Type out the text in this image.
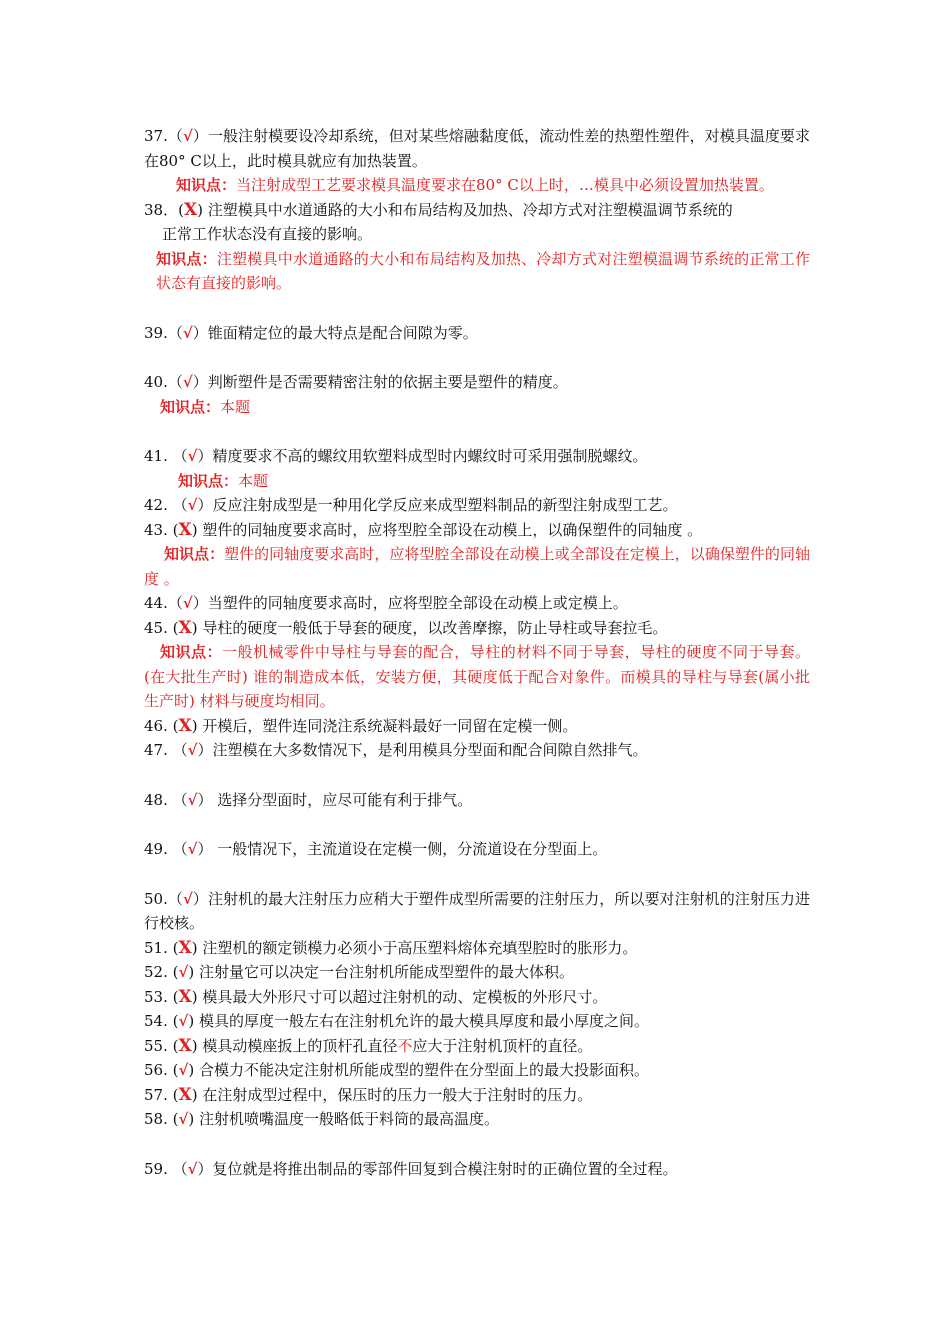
37.（√）一般注射模要设冷却系统，但对某些熔融黏度低，流动性差的热塑性塑件，对模具温度要求在80° C以上，此时模具就应有加热装置。
知识点：当注射成型工艺要求模具温度要求在80° C以上时，…模具中必须设置加热装置。
38．(X) 注塑模具中水道通路的大小和布局结构及加热、冷却方式对注塑模温调节系统的
正常工作状态没有直接的影响。
知识点：注塑模具中水道通路的大小和布局结构及加热、冷却方式对注塑模温调节系统的正常工作状态有直接的影响。
39.（√）锥面精定位的最大特点是配合间隙为零。
40.（√）判断塑件是否需要精密注射的依据主要是塑件的精度。
知识点：本题
41. （√）精度要求不高的螺纹用软塑料成型时内螺纹时可采用强制脱螺纹。
知识点：本题
42. （√）反应注射成型是一种用化学反应来成型塑料制品的新型注射成型工艺。
43. (X) 塑件的同轴度要求高时，应将型腔全部设在动模上，以确保塑件的同轴度 。
知识点：塑件的同轴度要求高时，应将型腔全部设在动模上或全部设在定模上，以确保塑件的同轴度 。
44.（√）当塑件的同轴度要求高时，应将型腔全部设在动模上或定模上。
45. (X) 导柱的硬度一般低于导套的硬度，以改善摩擦，防止导柱或导套拉毛。
知识点：一般机械零件中导柱与导套的配合，导柱的材料不同于导套，导柱的硬度不同于导套。(在大批生产时) 谁的制造成本低，安装方便，其硬度低于配合对象件。而模具的导柱与导套(属小批生产时) 材料与硬度均相同。
46. (X) 开模后，塑件连同浇注系统凝料最好一同留在定模一侧。
47. （√）注塑模在大多数情况下，是利用模具分型面和配合间隙自然排气。
48. （√） 选择分型面时，应尽可能有利于排气。
49. （√） 一般情况下，主流道设在定模一侧，分流道设在分型面上。
50.（√）注射机的最大注射压力应稍大于塑件成型所需要的注射压力，所以要对注射机的注射压力进行校核。
51. (X) 注塑机的额定锁模力必须小于高压塑料熔体充填型腔时的胀形力。
52. (√) 注射量它可以决定一台注射机所能成型塑件的最大体积。
53. (X) 模具最大外形尺寸可以超过注射机的动、定模板的外形尺寸。
54. (√) 模具的厚度一般左右在注射机允许的最大模具厚度和最小厚度之间。
55. (X) 模具动模座扳上的顶杆孔直径不应大于注射机顶杆的直径。
56. (√) 合模力不能决定注射机所能成型的塑件在分型面上的最大投影面积。
57. (X) 在注射成型过程中，保压时的压力一般大于注射时的压力。
58. (√) 注射机喷嘴温度一般略低于料筒的最高温度。
59. （√）复位就是将推出制品的零部件回复到合模注射时的正确位置的全过程。
